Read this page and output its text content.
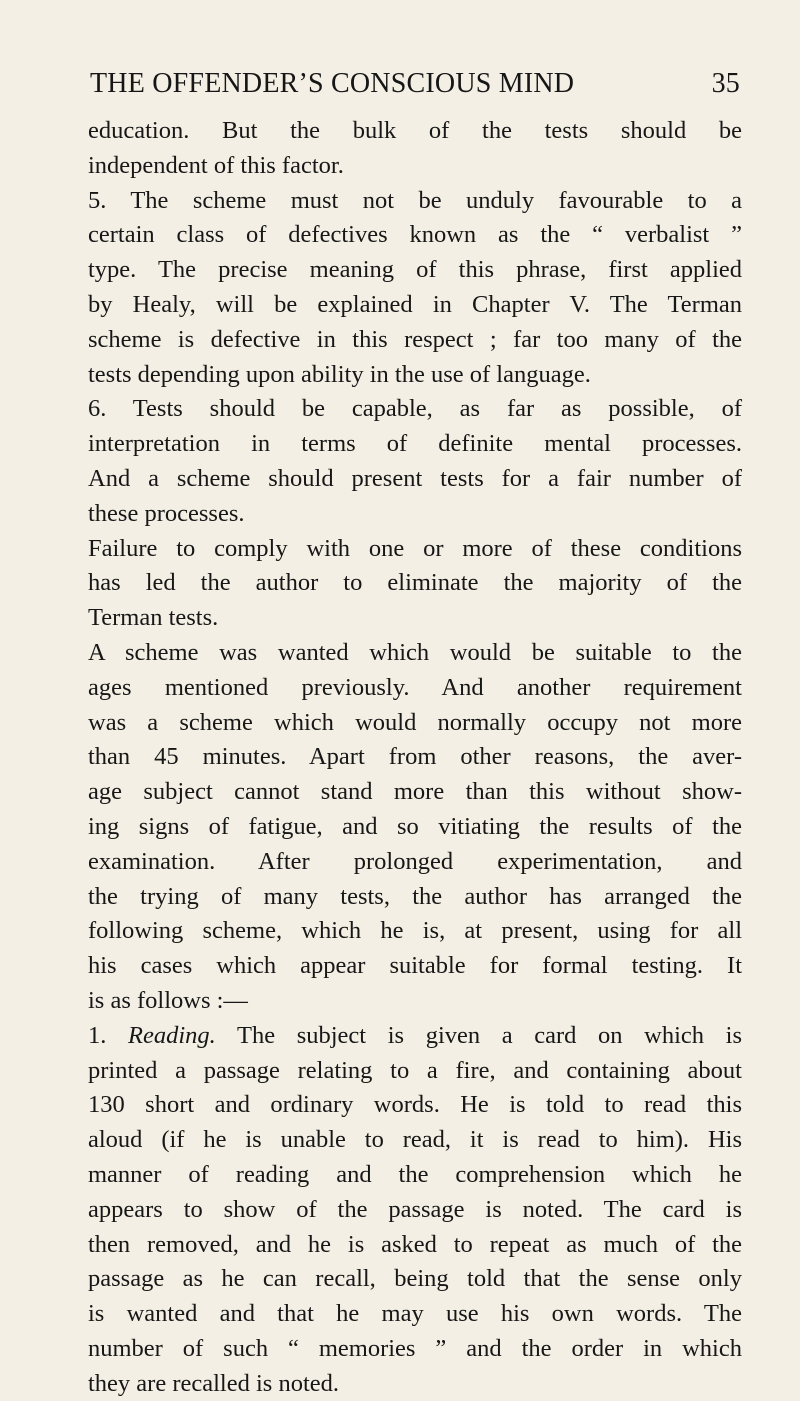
THE OFFENDER’S CONSCIOUS MIND	35
education. But the bulk of the tests should be
independent of this factor.
5. The scheme must not be unduly favourable to a
certain class of defectives known as the “ verbalist ”
type. The precise meaning of this phrase, first applied
by Healy, will be explained in Chapter V. The Terman
scheme is defective in this respect ; far too many of the
tests depending upon ability in the use of language.
6. Tests should be capable, as far as possible, of
interpretation in terms of definite mental processes.
And a scheme should present tests for a fair number of
these processes.
Failure to comply with one or more of these conditions
has led the author to eliminate the majority of the
Terman tests.
A scheme was wanted which would be suitable to the
ages mentioned previously. And another requirement
was a scheme which would normally occupy not more
than 45 minutes. Apart from other reasons, the aver-
age subject cannot stand more than this without show-
ing signs of fatigue, and so vitiating the results of the
examination. After prolonged experimentation, and
the trying of many tests, the author has arranged the
following scheme, which he is, at present, using for all
his cases which appear suitable for formal testing. It
is as follows :—
1. Reading. The subject is given a card on which is
printed a passage relating to a fire, and containing about
130 short and ordinary words. He is told to read this
aloud (if he is unable to read, it is read to him). His
manner of reading and the comprehension which he
appears to show of the passage is noted. The card is
then removed, and he is asked to repeat as much of the
passage as he can recall, being told that the sense only
is wanted and that he may use his own words. The
number of such “ memories ” and the order in which
they are recalled is noted.
